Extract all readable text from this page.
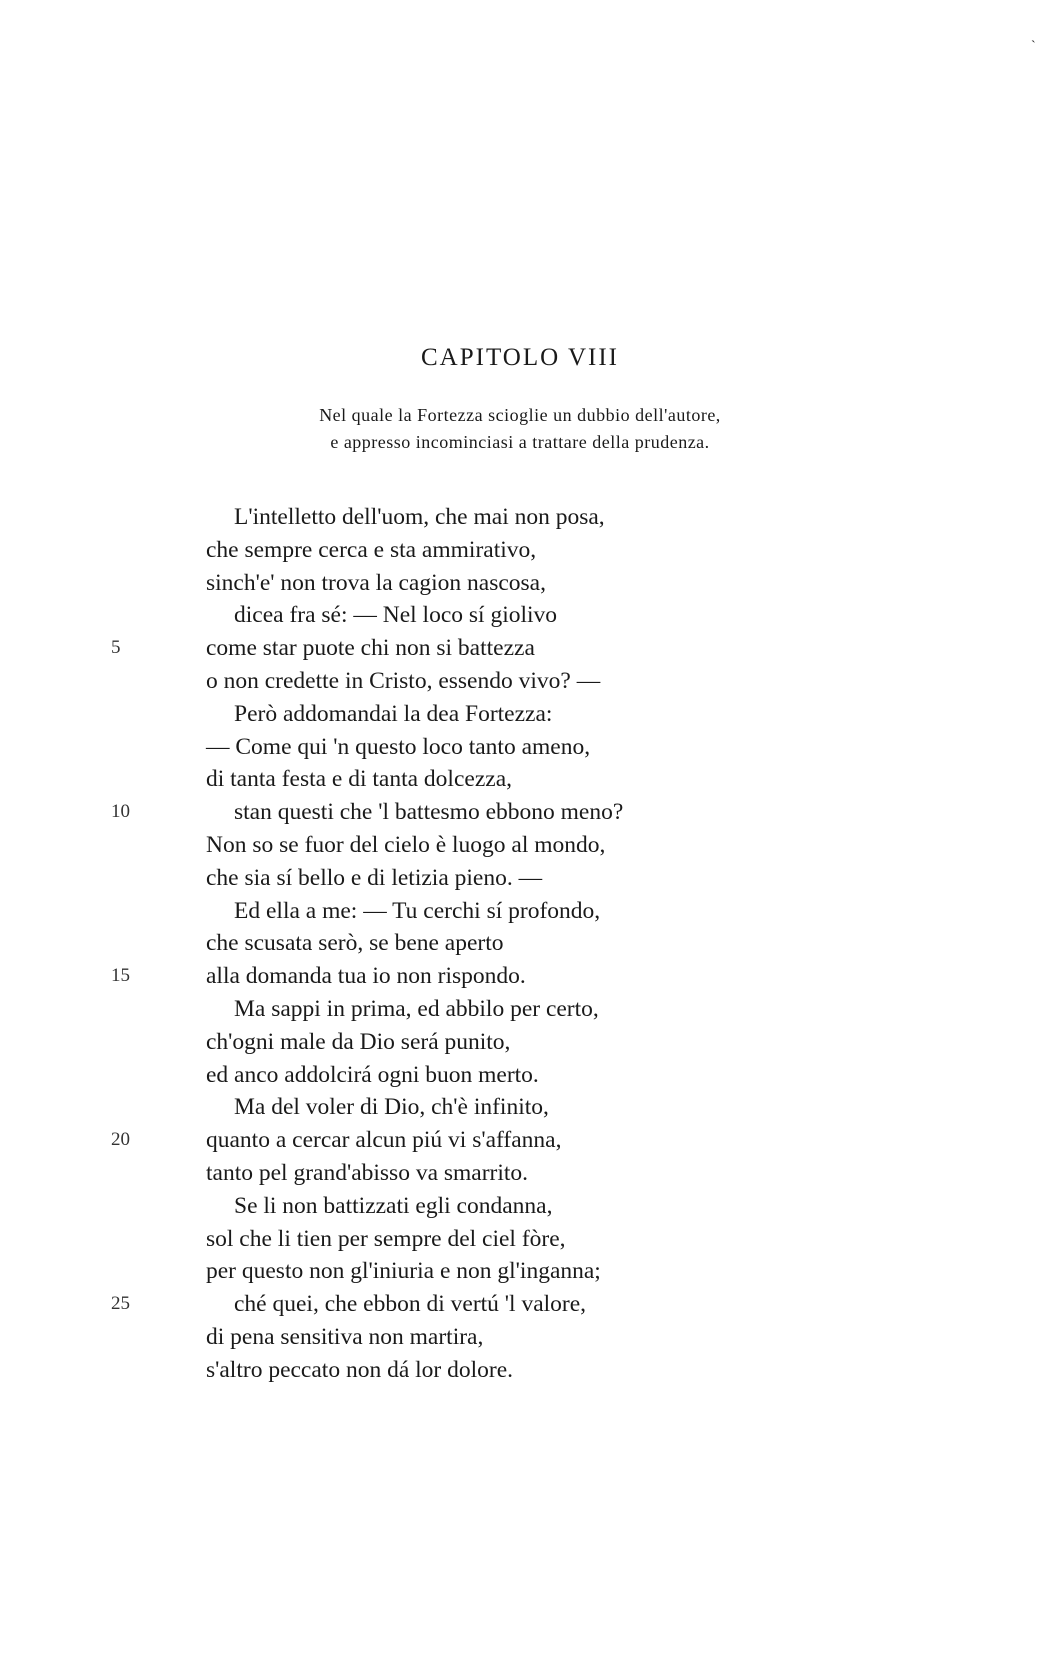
`
CAPITOLO VIII
Nel quale la Fortezza scioglie un dubbio dell'autore,
e appresso incominciasi a trattare della prudenza.
L'intelletto dell'uom, che mai non posa,
che sempre cerca e sta ammirativo,
sinch'e' non trova la cagion nascosa,
dicea fra sé: — Nel loco sí giolivo
5	come star puote chi non si battezza
o non credette in Cristo, essendo vivo? —
Però addomandai la dea Fortezza:
— Come qui 'n questo loco tanto ameno,
di tanta festa e di tanta dolcezza,
10	stan questi che 'l battesmo ebbono meno?
Non so se fuor del cielo è luogo al mondo,
che sia sí bello e di letizia pieno. —
Ed ella a me: — Tu cerchi sí profondo,
che scusata serò, se bene aperto
15	alla domanda tua io non rispondo.
Ma sappi in prima, ed abbilo per certo,
ch'ogni male da Dio será punito,
ed anco addolcirá ogni buon merto.
Ma del voler di Dio, ch'è infinito,
20	quanto a cercar alcun piú vi s'affanna,
tanto pel grand'abisso va smarrito.
Se li non battizzati egli condanna,
sol che li tien per sempre del ciel fòre,
per questo non gl'iniuria e non gl'inganna;
25	ché quei, che ebbon di vertú 'l valore,
di pena sensitiva non martira,
s'altro peccato non dá lor dolore.
